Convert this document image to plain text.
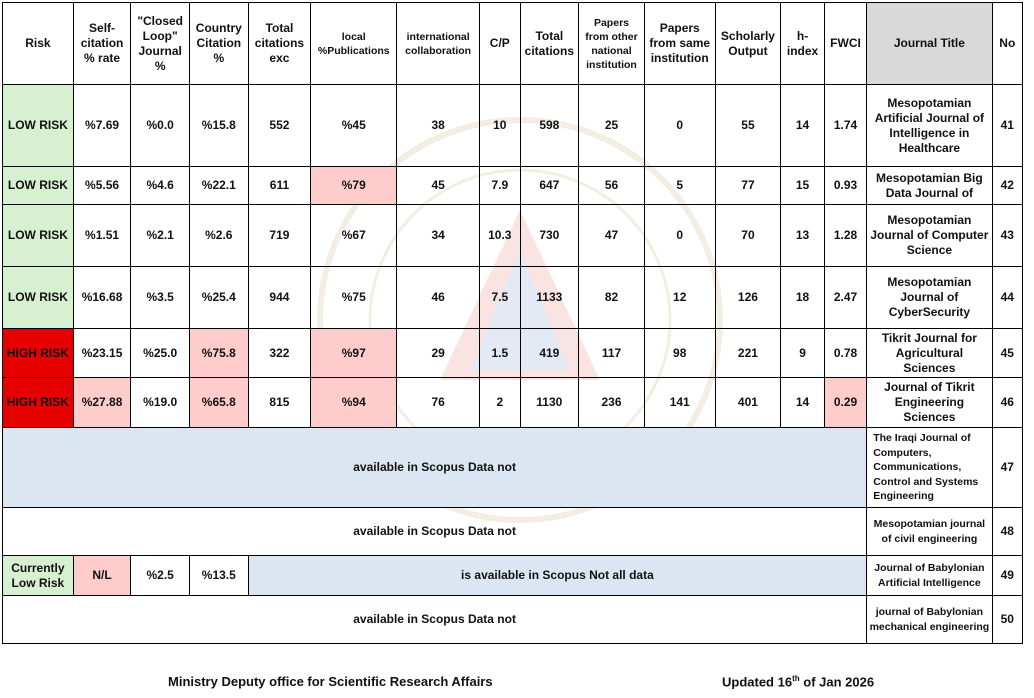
Risk	Self-citation % rate	"Closed Loop" Journal %	Country Citation %	Total citations exc	local %Publications	international collaboration	C/P	Total citations	Papers from other national institution	Papers from same institution	Scholarly Output	h-index	FWCI	Journal Title	No
LOW RISK	%7.69	%0.0	%15.8	552	%45	38	10	598	25	0	55	14	1.74	Mesopotamian Artificial Journal of Intelligence in Healthcare	41
LOW RISK	%5.56	%4.6	%22.1	611	%79	45	7.9	647	56	5	77	15	0.93	Mesopotamian Big Data Journal of	42
LOW RISK	%1.51	%2.1	%2.6	719	%67	34	10.3	730	47	0	70	13	1.28	Mesopotamian Journal of Computer Science	43
LOW RISK	%16.68	%3.5	%25.4	944	%75	46	7.5	1133	82	12	126	18	2.47	Mesopotamian Journal of CyberSecurity	44
HIGH RISK	%23.15	%25.0	%75.8	322	%97	29	1.5	419	117	98	221	9	0.78	Tikrit Journal for Agricultural Sciences	45
HIGH RISK	%27.88	%19.0	%65.8	815	%94	76	2	1130	236	141	401	14	0.29	Journal of Tikrit Engineering Sciences	46
available in Scopus Data not														The Iraqi Journal of Computers, Communications, Control and Systems Engineering	47
available in Scopus Data not														Mesopotamian journal of civil engineering	48
Currently Low Risk	N/L	%2.5	%13.5	is available in Scopus Not all data										Journal of Babylonian Artificial Intelligence	49
available in Scopus Data not														journal of Babylonian mechanical engineering	50
Ministry Deputy office for Scientific Research Affairs	Updated 16th of Jan 2026
